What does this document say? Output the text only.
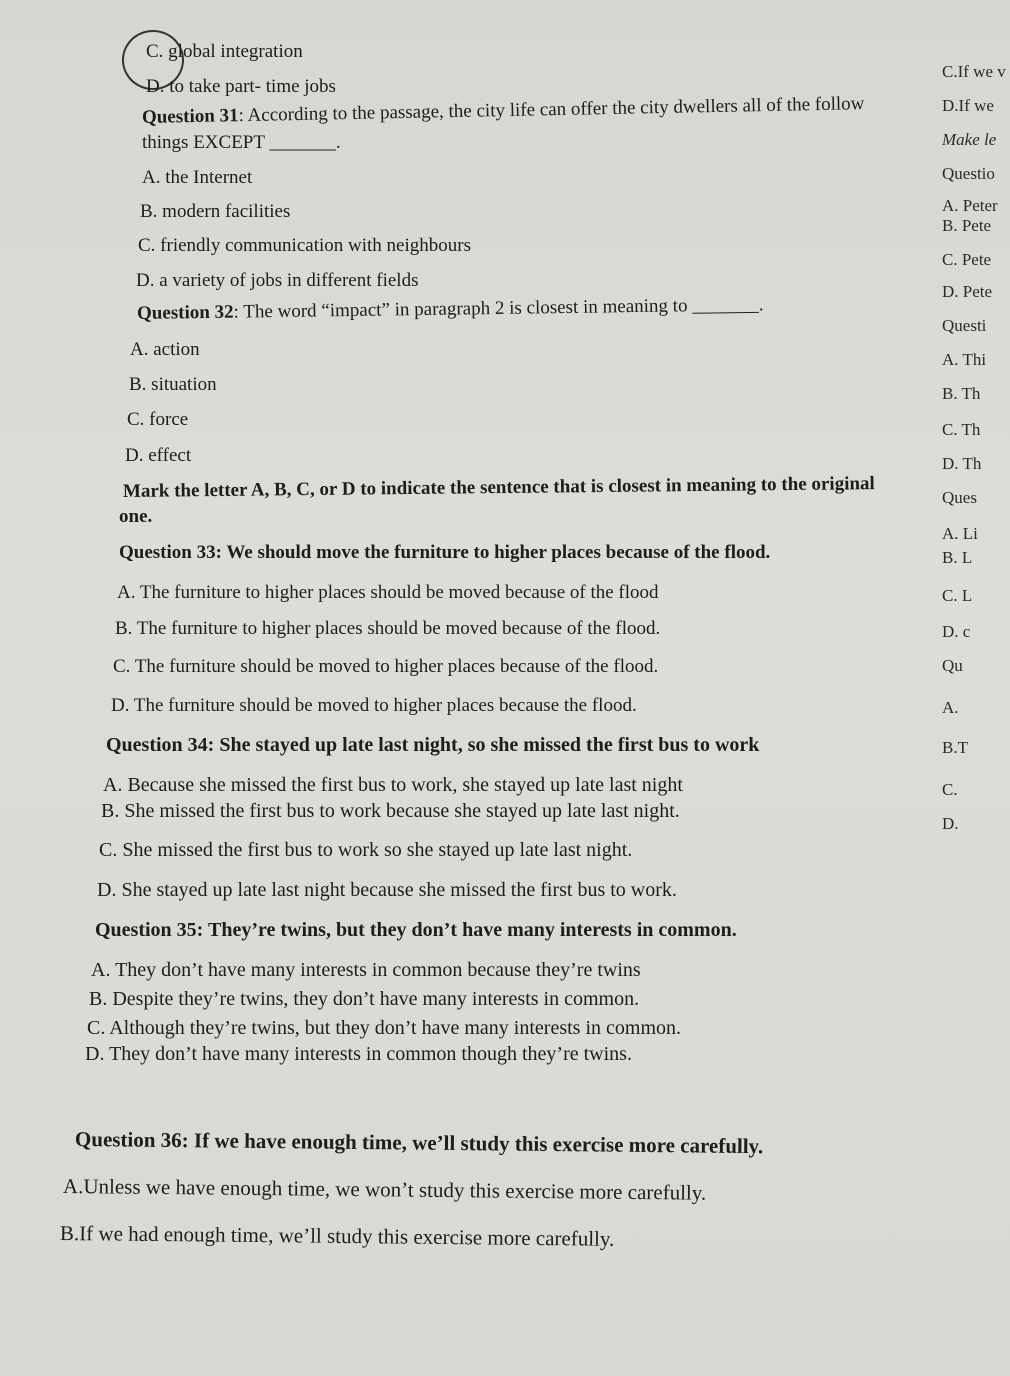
C. global integration
D. to take part- time jobs
Question 31: According to the passage, the city life can offer the city dwellers all of the follow
things EXCEPT _______.
A. the Internet
B. modern facilities
C. friendly communication with neighbours
D. a variety of jobs in different fields
Question 32: The word “impact” in paragraph 2 is closest in meaning to _______.
A. action
B. situation
C. force
D. effect
Mark the letter A, B, C, or D to indicate the sentence that is closest in meaning to the original
one.
Question 33: We should move the furniture to higher places because of the flood.
A. The furniture to higher places should be moved because of the flood
B. The furniture to higher places should be moved because of the flood.
C. The furniture should be moved to higher places because of the flood.
D. The furniture should be moved to higher places because the flood.
Question 34: She stayed up late last night, so she missed the first bus to work
A. Because she missed the first bus to work, she stayed up late last night
B. She missed the first bus to work because she stayed up late last night.
C. She missed the first bus to work so she stayed up late last night.
D. She stayed up late last night because she missed the first bus to work.
Question 35: They’re twins, but they don’t have many interests in common.
A. They don’t have many interests in common because they’re twins
B. Despite they’re twins, they don’t have many interests in common.
C. Although they’re twins, but they don’t have many interests in common.
D. They don’t have many interests in common though they’re twins.
Question 36: If we have enough time, we’ll study this exercise more carefully.
A.Unless we have enough time, we won’t study this exercise more carefully.
B.If we had enough time, we’ll study this exercise more carefully.
C.If we v
D.If we
Make le
Questio
A. Peter
B. Pete
C. Pete
D. Pete
Questi
A. Thi
B. Th
C. Th
D. Th
Ques
A. Li
B. L
C. L
D. c
Qu
A.
B.T
C.
D.
